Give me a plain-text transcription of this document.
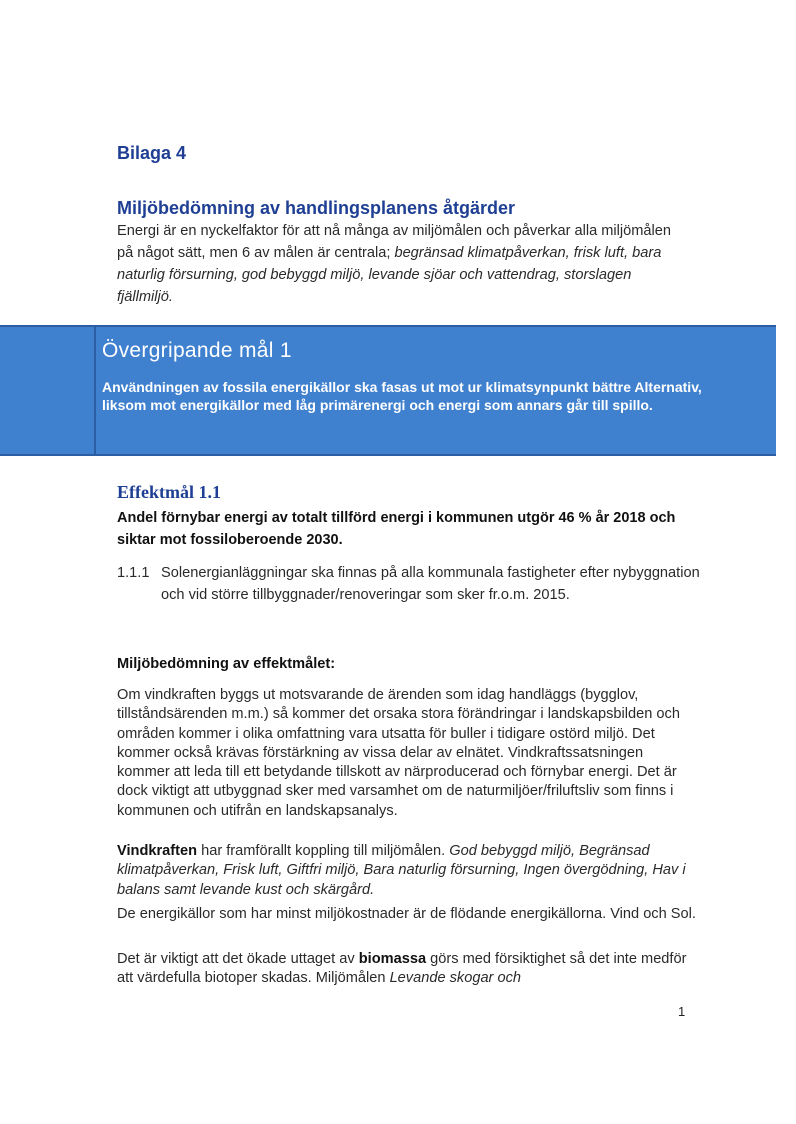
Bilaga 4
Miljöbedömning av handlingsplanens åtgärder
Energi är en nyckelfaktor för att nå många av miljömålen och påverkar alla miljömålen på något sätt, men 6 av målen är centrala; begränsad klimatpåverkan, frisk luft, bara naturlig försurning, god bebyggd miljö, levande sjöar och vattendrag, storslagen fjällmiljö.
Övergripande mål 1
Användningen av fossila energikällor ska fasas ut mot ur klimatsynpunkt bättre Alternativ, liksom mot energikällor med låg primärenergi och energi som annars går till spillo.
Effektmål 1.1
Andel förnybar energi av totalt tillförd energi i kommunen utgör 46 % år 2018 och siktar mot fossiloberoende 2030.
1.1.1 Solenergianläggningar ska finnas på alla kommunala fastigheter efter nybyggnation och vid större tillbyggnader/renoveringar som sker fr.o.m. 2015.
Miljöbedömning av effektmålet:
Om vindkraften byggs ut motsvarande de ärenden som idag handläggs (bygglov, tillståndsärenden m.m.) så kommer det orsaka stora förändringar i landskapsbilden och områden kommer i olika omfattning vara utsatta för buller i tidigare ostörd miljö. Det kommer också krävas förstärkning av vissa delar av elnätet. Vindkraftssatsningen kommer att leda till ett betydande tillskott av närproducerad och förnybar energi. Det är dock viktigt att utbyggnad sker med varsamhet om de naturmiljöer/friluftsliv som finns i kommunen och utifrån en landskapsanalys.
Vindkraften har framförallt koppling till miljömålen. God bebyggd miljö, Begränsad klimatpåverkan, Frisk luft, Giftfri miljö, Bara naturlig försurning, Ingen övergödning, Hav i balans samt levande kust och skärgård.
De energikällor som har minst miljökostnader är de flödande energikällorna. Vind och Sol.
Det är viktigt att det ökade uttaget av biomassa görs med försiktighet så det inte medför att värdefulla biotoper skadas. Miljömålen Levande skogar och
1
